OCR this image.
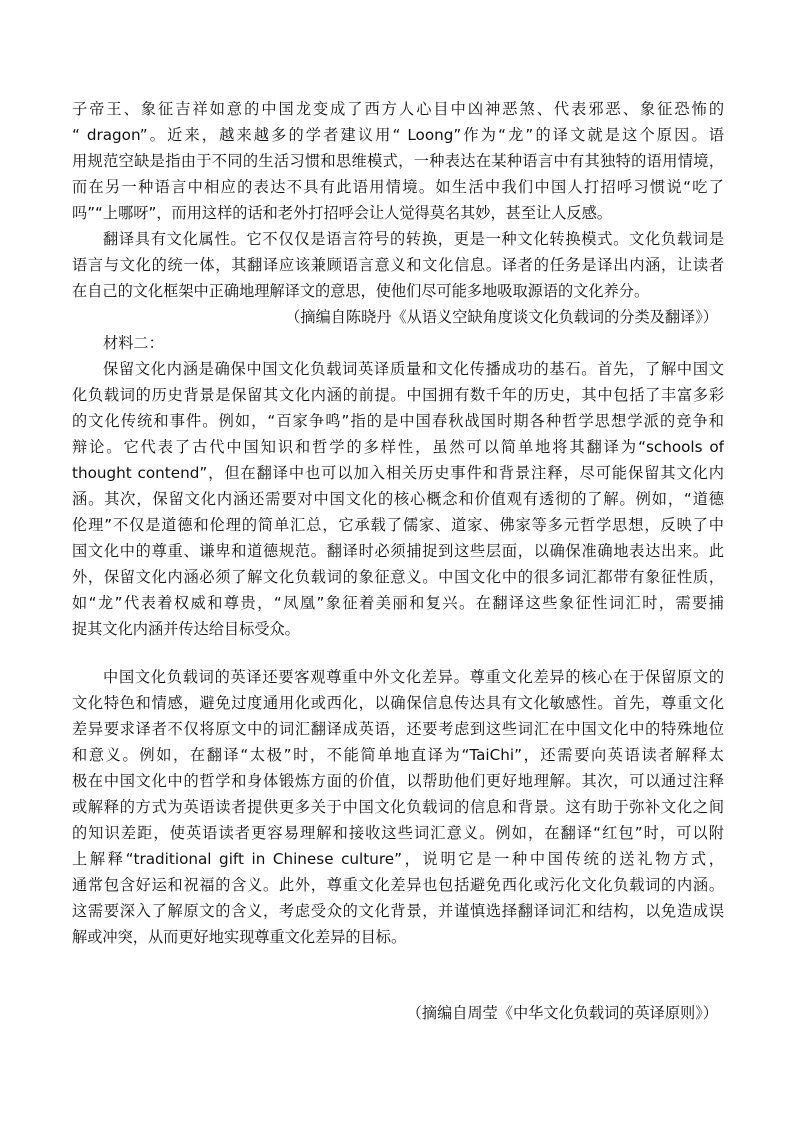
子帝王、象征吉祥如意的中国龙变成了西方人心目中凶神恶煞、代表邪恶、象征恐怖的
“ dragon”。近来，越来越多的学者建议用“ Loong”作为“龙”的译文就是这个原因。语
用规范空缺是指由于不同的生活习惯和思维模式，一种表达在某种语言中有其独特的语用情境，
而在另一种语言中相应的表达不具有此语用情境。如生活中我们中国人打招呼习惯说“吃了
吗”“上哪呀”，而用这样的话和老外打招呼会让人觉得莫名其妙，甚至让人反感。
翻译具有文化属性。它不仅仅是语言符号的转换，更是一种文化转换模式。文化负载词是
语言与文化的统一体，其翻译应该兼顾语言意义和文化信息。译者的任务是译出内涵，让读者
在自己的文化框架中正确地理解译文的意思，使他们尽可能多地吸取源语的文化养分。
（摘编自陈晓丹《从语义空缺角度谈文化负载词的分类及翻译》）
材料二：
保留文化内涵是确保中国文化负载词英译质量和文化传播成功的基石。首先，了解中国文
化负载词的历史背景是保留其文化内涵的前提。中国拥有数千年的历史，其中包括了丰富多彩
的文化传统和事件。例如，“百家争鸣”指的是中国春秋战国时期各种哲学思想学派的竞争和
辩论。它代表了古代中国知识和哲学的多样性，虽然可以简单地将其翻译为“schools of
thought contend”，但在翻译中也可以加入相关历史事件和背景注释，尽可能保留其文化内
涵。其次，保留文化内涵还需要对中国文化的核心概念和价值观有透彻的了解。例如，“道德
伦理”不仅是道德和伦理的简单汇总，它承载了儒家、道家、佛家等多元哲学思想，反映了中
国文化中的尊重、谦卑和道德规范。翻译时必须捕捉到这些层面，以确保准确地表达出来。此
外，保留文化内涵必须了解文化负载词的象征意义。中国文化中的很多词汇都带有象征性质，
如“龙”代表着权威和尊贵，“凤凰”象征着美丽和复兴。在翻译这些象征性词汇时，需要捕
捉其文化内涵并传达给目标受众。
中国文化负载词的英译还要客观尊重中外文化差异。尊重文化差异的核心在于保留原文的
文化特色和情感，避免过度通用化或西化，以确保信息传达具有文化敏感性。首先，尊重文化
差异要求译者不仅将原文中的词汇翻译成英语，还要考虑到这些词汇在中国文化中的特殊地位
和意义。例如，在翻译“太极”时，不能简单地直译为“TaiChi”，还需要向英语读者解释太
极在中国文化中的哲学和身体锻炼方面的价值，以帮助他们更好地理解。其次，可以通过注释
或解释的方式为英语读者提供更多关于中国文化负载词的信息和背景。这有助于弥补文化之间
的知识差距，使英语读者更容易理解和接收这些词汇意义。例如，在翻译“红包”时，可以附
上解释“traditional gift in Chinese culture”，说明它是一种中国传统的送礼物方式，
通常包含好运和祝福的含义。此外，尊重文化差异也包括避免西化或污化文化负载词的内涵。
这需要深入了解原文的含义，考虑受众的文化背景，并谨慎选择翻译词汇和结构，以免造成误
解或冲突，从而更好地实现尊重文化差异的目标。
（摘编自周莹《中华文化负载词的英译原则》）
